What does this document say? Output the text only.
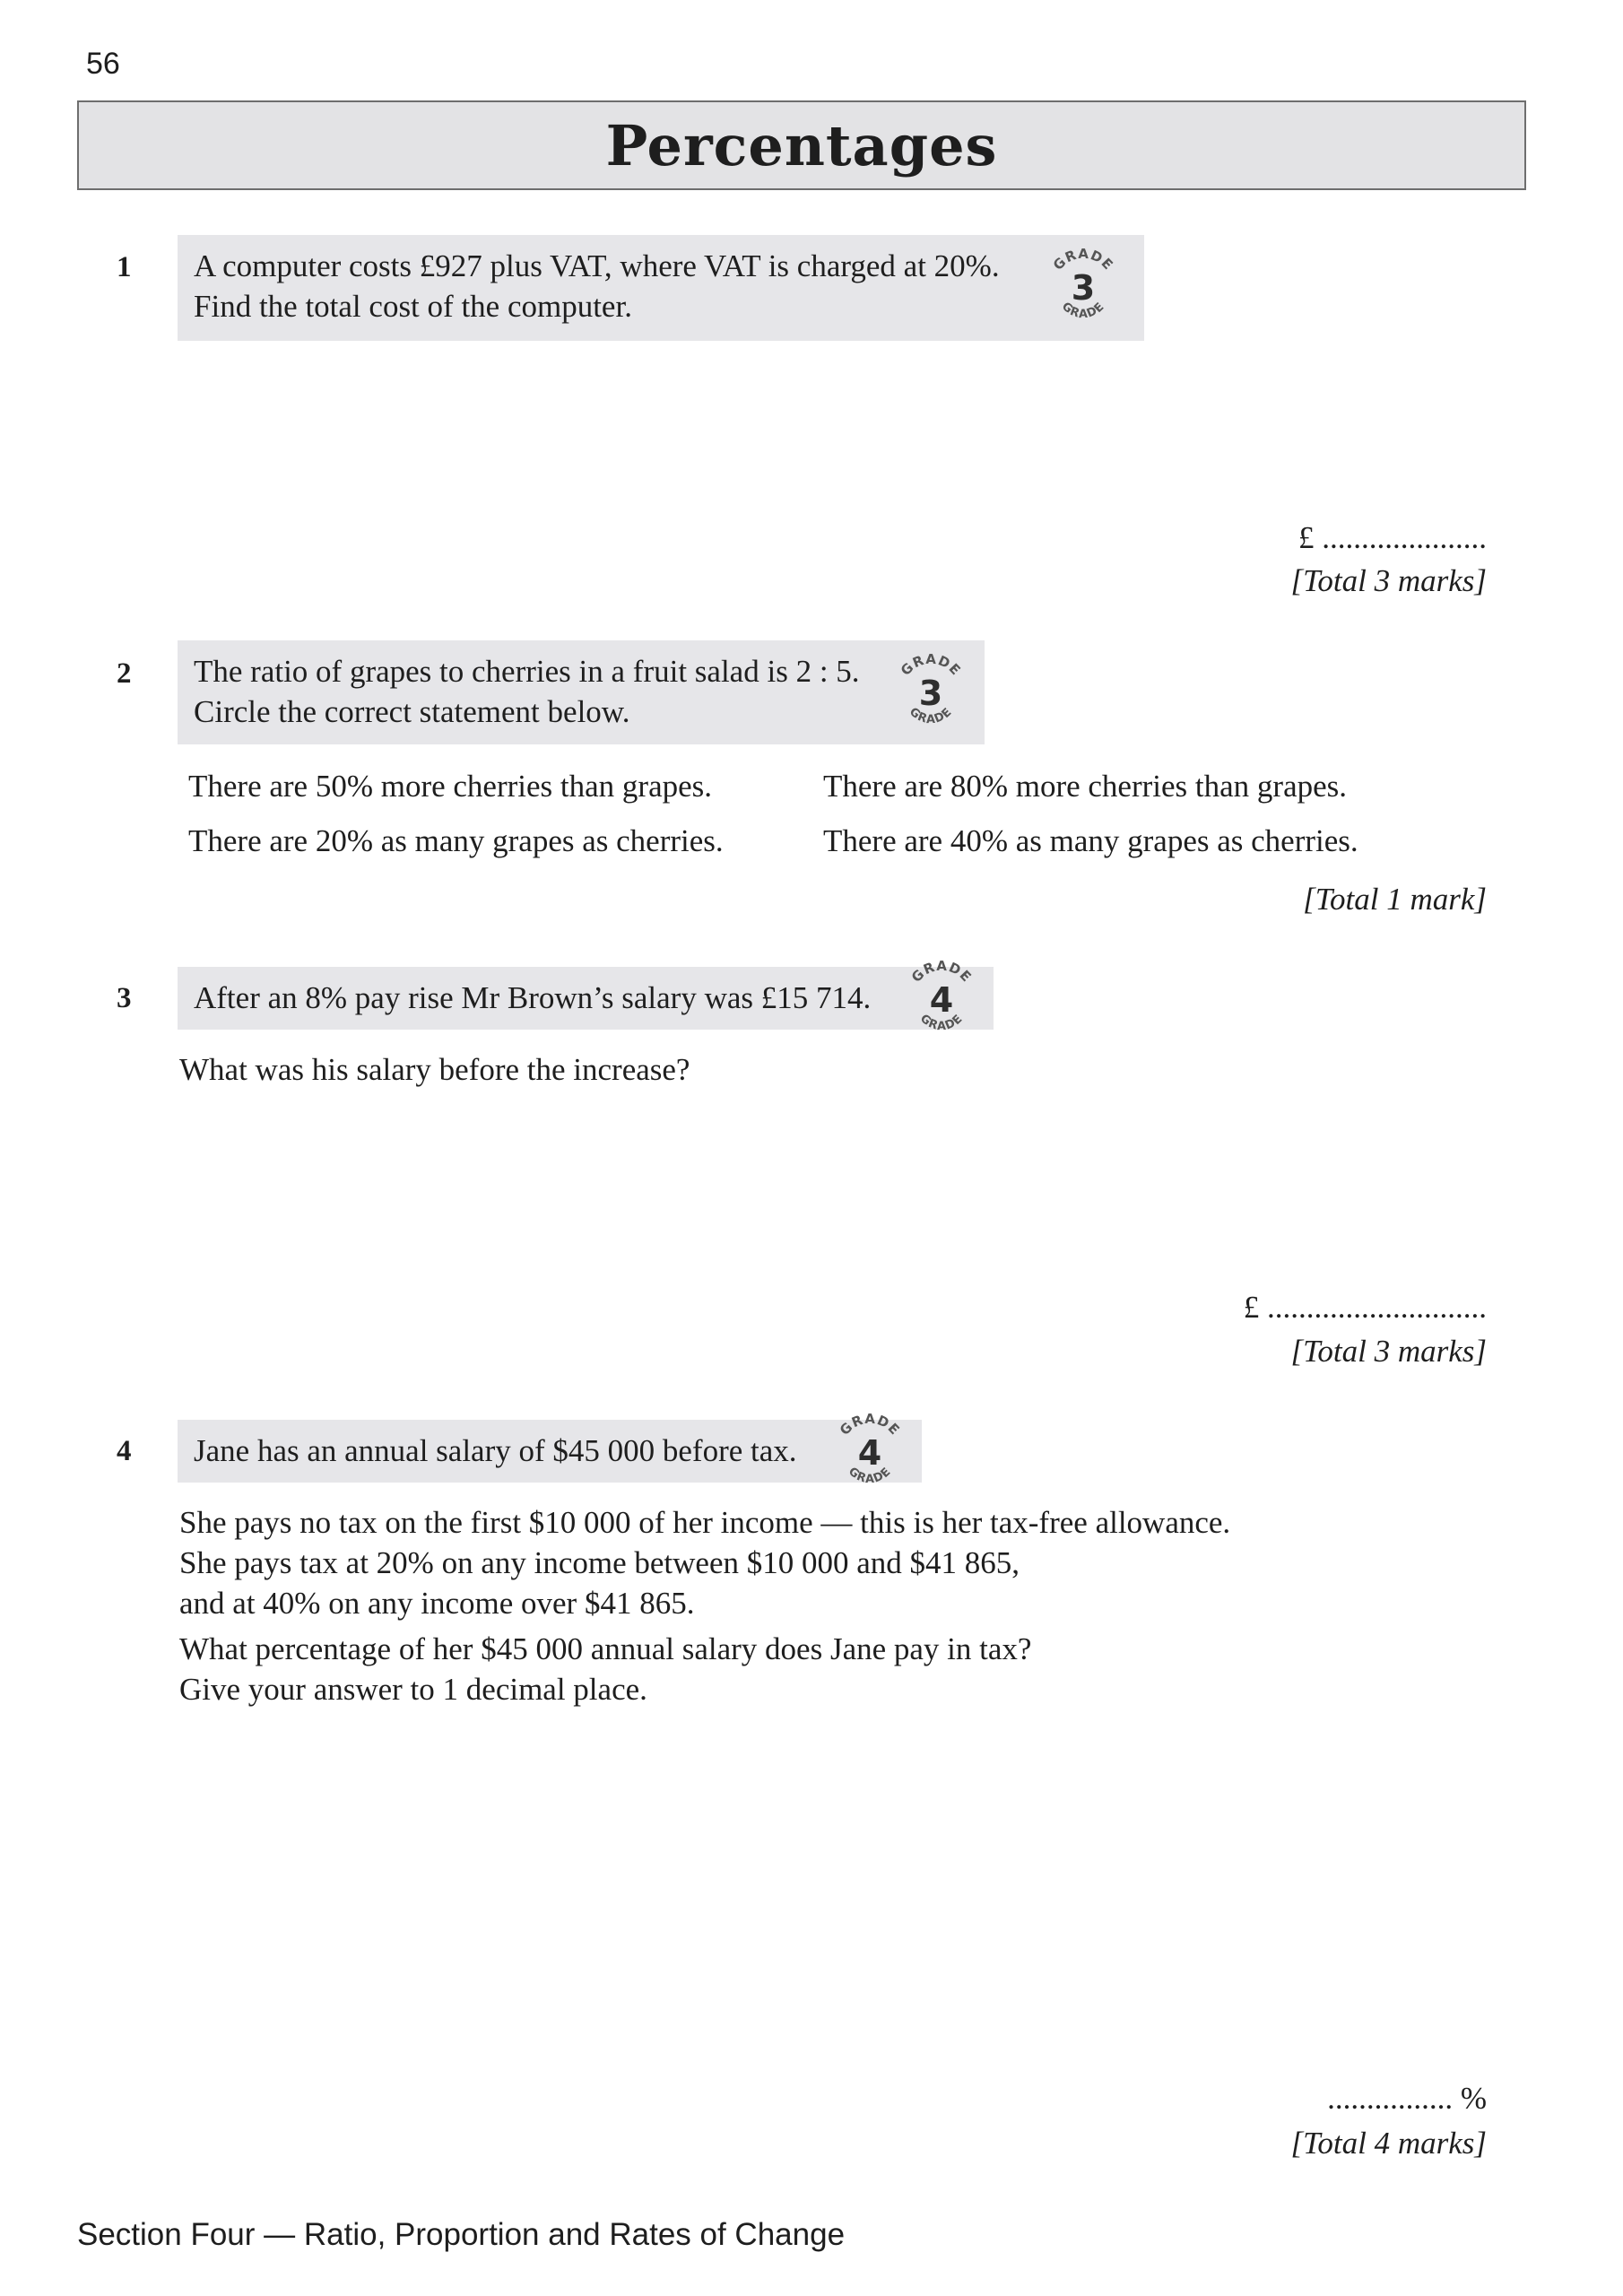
56
Percentages
1 A computer costs £927 plus VAT, where VAT is charged at 20%.
Find the total cost of the computer.
GRADE
GRADE
3
£ .....................
[Total 3 marks]
2 The ratio of grapes to cherries in a fruit salad is 2 : 5.
Circle the correct statement below.
GRADE
GRADE
3
There are 50% more cherries than grapes.	There are 80% more cherries than grapes.
There are 20% as many grapes as cherries.	There are 40% as many grapes as cherries.
[Total 1 mark]
3 After an 8% pay rise Mr Brown’s salary was £15 714.
GRADE
GRADE
4
What was his salary before the increase?
£ ............................
[Total 3 marks]
4 Jane has an annual salary of $45 000 before tax.
GRADE
GRADE
4
She pays no tax on the first $10 000 of her income — this is her tax-free allowance.
She pays tax at 20% on any income between $10 000 and $41 865,
and at 40% on any income over $41 865.
What percentage of her $45 000 annual salary does Jane pay in tax?
Give your answer to 1 decimal place.
................ %
[Total 4 marks]
Section Four — Ratio, Proportion and Rates of Change
